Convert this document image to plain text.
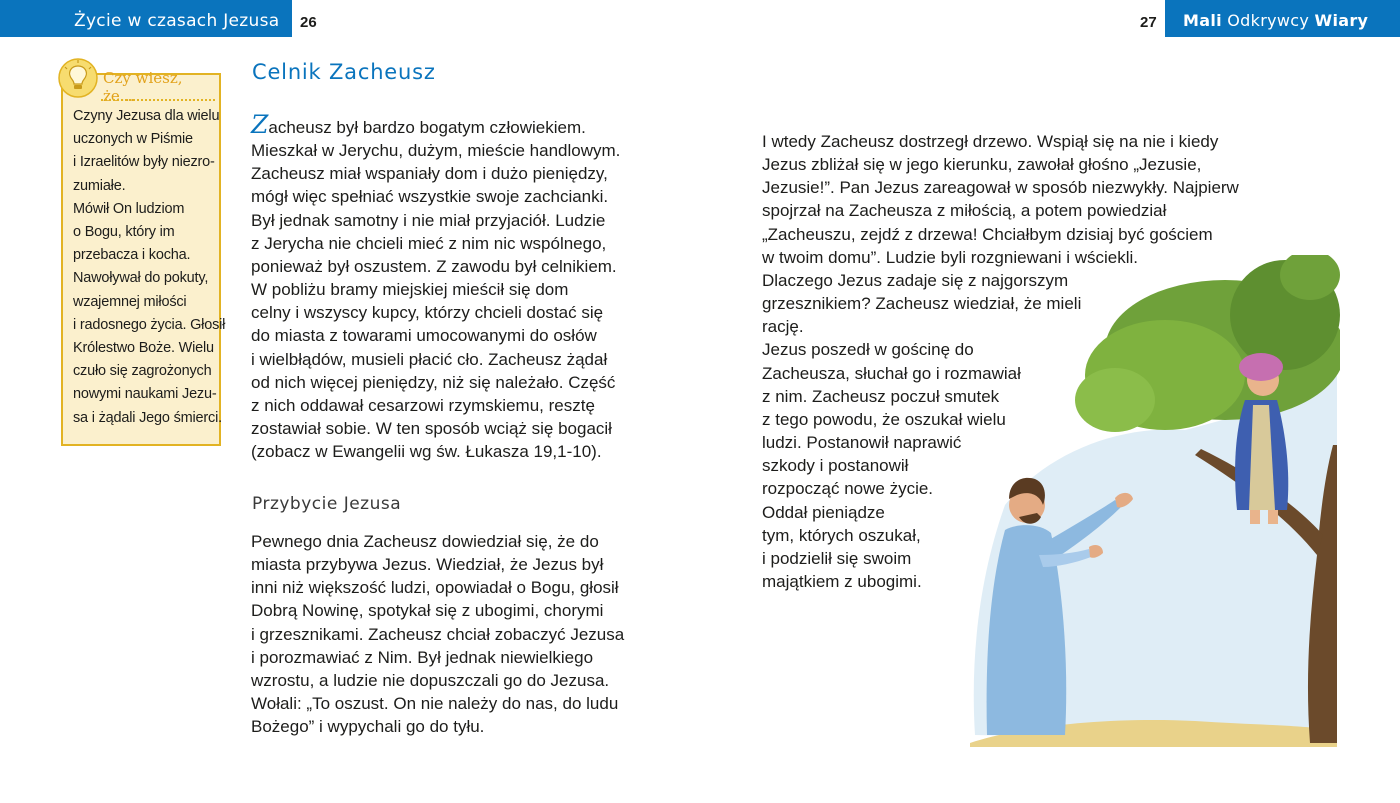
Życie w czasach Jezusa 26	27 Mali Odkrywcy Wiary
Czy wiesz, że…
Czyny Jezusa dla wielu
uczonych w Piśmie
i Izraelitów były niezro-
zumiałe.
Mówił On ludziom
o Bogu, który im
przebacza i kocha.
Nawoływał do pokuty,
wzajemnej miłości
i radosnego życia. Głosił
Królestwo Boże. Wielu
czuło się zagrożonych
nowymi naukami Jezu-
sa i żądali Jego śmierci.
Celnik Zacheusz
Zacheusz był bardzo bogatym człowiekiem.
Mieszkał w Jerychu, dużym, mieście handlowym.
Zacheusz miał wspaniały dom i dużo pieniędzy,
mógł więc spełniać wszystkie swoje zachcianki.
Był jednak samotny i nie miał przyjaciół. Ludzie
z Jerycha nie chcieli mieć z nim nic wspólnego,
ponieważ był oszustem. Z zawodu był celnikiem.
W pobliżu bramy miejskiej mieścił się dom
celny i wszyscy kupcy, którzy chcieli dostać się
do miasta z towarami umocowanymi do osłów
i wielbłądów, musieli płacić cło. Zacheusz żądał
od nich więcej pieniędzy, niż się należało. Część
z nich oddawał cesarzowi rzymskiemu, resztę
zostawiał sobie. W ten sposób wciąż się bogacił
(zobacz w Ewangelii wg św. Łukasza 19,1-10).
Przybycie Jezusa
Pewnego dnia Zacheusz dowiedział się, że do
miasta przybywa Jezus. Wiedział, że Jezus był
inni niż większość ludzi, opowiadał o Bogu, głosił
Dobrą Nowinę, spotykał się z ubogimi, chorymi
i grzesznikami. Zacheusz chciał zobaczyć Jezusa
i porozmawiać z Nim. Był jednak niewielkiego
wzrostu, a ludzie nie dopuszczali go do Jezusa.
Wołali: „To oszust. On nie należy do nas, do ludu
Bożego” i wypychali go do tyłu.
I wtedy Zacheusz dostrzegł drzewo. Wspiął się na nie i kiedy
Jezus zbliżał się w jego kierunku, zawołał głośno „Jezusie,
Jezusie!”. Pan Jezus zareagował w sposób niezwykły. Najpierw
spojrzał na Zacheusza z miłością, a potem powiedział
„Zacheuszu, zejdź z drzewa! Chciałbym dzisiaj być gościem
w twoim domu”. Ludzie byli rozgniewani i wściekli.
Dlaczego Jezus zadaje się z najgorszym
grzesznikiem? Zacheusz wiedział, że mieli
rację.
Jezus poszedł w gościnę do
Zacheusza, słuchał go i rozmawiał
z nim. Zacheusz poczuł smutek
z tego powodu, że oszukał wielu
ludzi. Postanowił naprawić
szkody i postanowił
rozpocząć nowe życie.
Oddał pieniądze
tym, których oszukał,
i podzielił się swoim
majątkiem z ubogimi.
